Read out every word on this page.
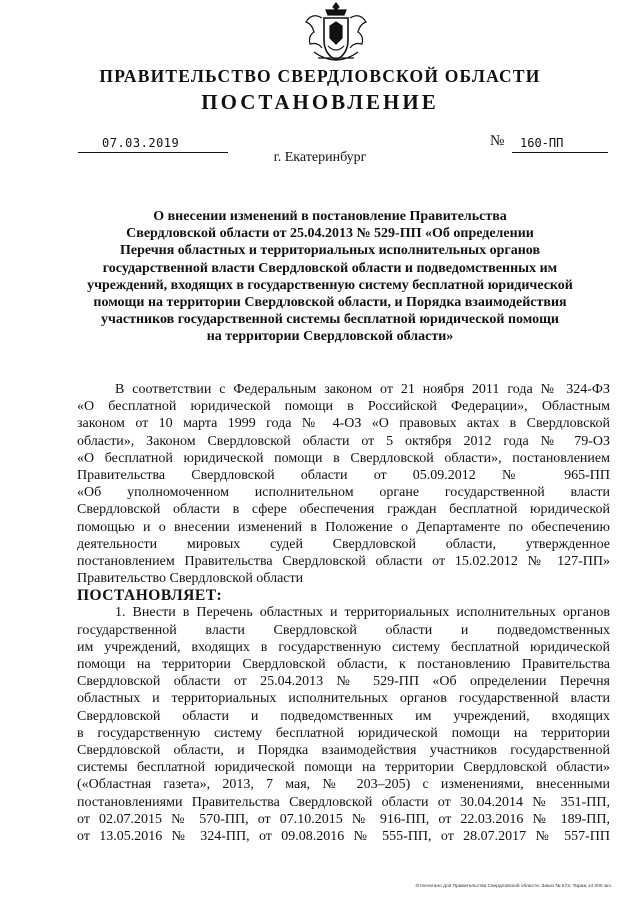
ПРАВИТЕЛЬСТВО СВЕРДЛОВСКОЙ ОБЛАСТИ
ПОСТАНОВЛЕНИЕ
07.03.2019	№	160-ПП
г. Екатеринбург
О внесении изменений в постановление Правительства
Свердловской области от 25.04.2013 № 529-ПП «Об определении
Перечня областных и территориальных исполнительных органов
государственной власти Свердловской области и подведомственных им
учреждений, входящих в государственную систему бесплатной юридической
помощи на территории Свердловской области, и Порядка взаимодействия
участников государственной системы бесплатной юридической помощи
на территории Свердловской области»
В соответствии с Федеральным законом от 21 ноября 2011 года № 324-ФЗ
«О бесплатной юридической помощи в Российской Федерации», Областным
законом от 10 марта 1999 года № 4-ОЗ «О правовых актах в Свердловской
области», Законом Свердловской области от 5 октября 2012 года № 79-ОЗ
«О бесплатной юридической помощи в Свердловской области», постановлением
Правительства Свердловской области от 05.09.2012 № 965-ПП
«Об уполномоченном исполнительном органе государственной власти
Свердловской области в сфере обеспечения граждан бесплатной юридической
помощью и о внесении изменений в Положение о Департаменте по обеспечению
деятельности мировых судей Свердловской области, утвержденное
постановлением Правительства Свердловской области от 15.02.2012 № 127-ПП»
Правительство Свердловской области
ПОСТАНОВЛЯЕТ:
1. Внести в Перечень областных и территориальных исполнительных органов
государственной власти Свердловской области и подведомственных
им учреждений, входящих в государственную систему бесплатной юридической
помощи на территории Свердловской области, к постановлению Правительства
Свердловской области от 25.04.2013 № 529-ПП «Об определении Перечня
областных и территориальных исполнительных органов государственной власти
Свердловской области и подведомственных им учреждений, входящих
в государственную систему бесплатной юридической помощи на территории
Свердловской области, и Порядка взаимодействия участников государственной
системы бесплатной юридической помощи на территории Свердловской области»
(«Областная газета», 2013, 7 мая, № 203–205) с изменениями, внесенными
постановлениями Правительства Свердловской области от 30.04.2014 № 351-ПП,
от 02.07.2015 № 570-ПП, от 07.10.2015 № 916-ПП, от 22.03.2016 № 189-ПП,
от 13.05.2016 № 324-ПП, от 09.08.2016 № 555-ПП, от 28.07.2017 № 557-ПП
Отпечатано для Правительства Свердловской области. Заказ № 573. Тираж 14 000 экз.
